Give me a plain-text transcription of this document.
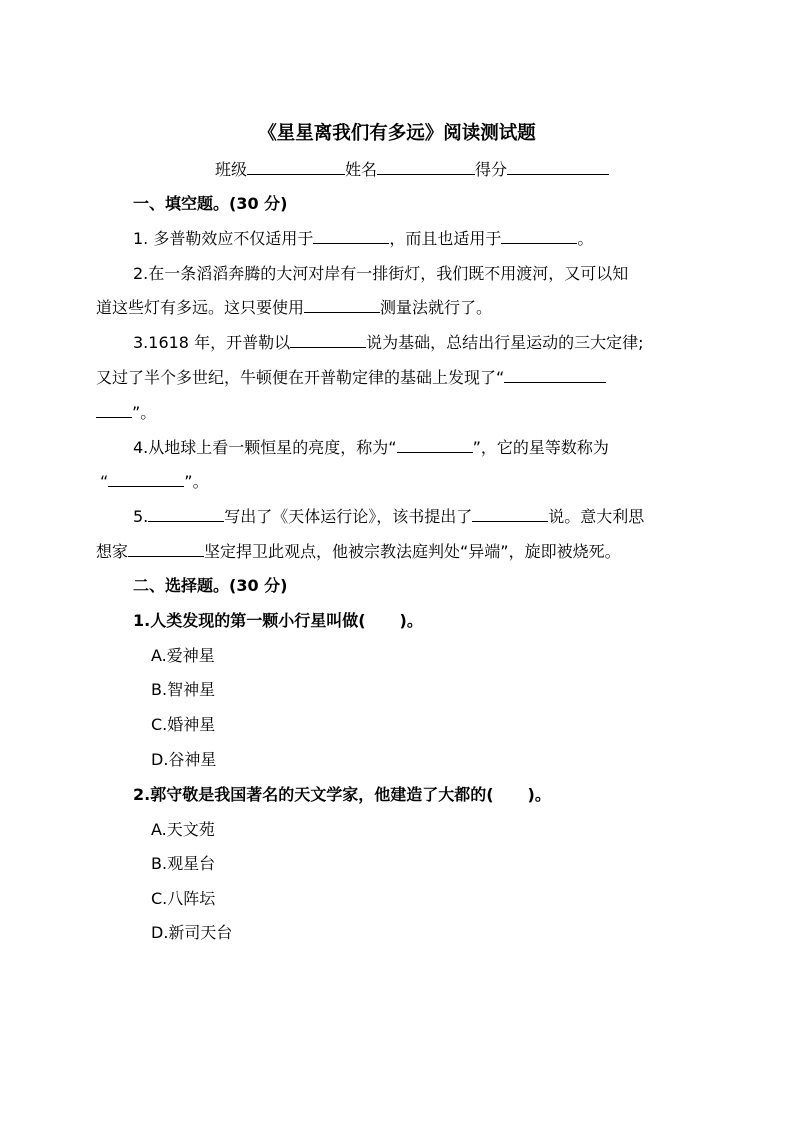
《星星离我们有多远》阅读测试题
班级	姓名	得分
一、填空题。(30 分)
1. 多普勒效应不仅适用于	，而且也适用于	。
2.在一条滔滔奔腾的大河对岸有一排街灯，我们既不用渡河，又可以知
道这些灯有多远。这只要使用	测量法就行了。
3.1618 年，开普勒以	说为基础，总结出行星运动的三大定律;
又过了半个多世纪，牛顿便在开普勒定律的基础上发现了“
”。
4.从地球上看一颗恒星的亮度，称为“	”，它的星等数称为
“	”。
5.	写出了《天体运行论》，该书提出了	说。意大利思
想家	坚定捍卫此观点，他被宗教法庭判处“异端”，旋即被烧死。
二、选择题。(30 分)
1.人类发现的第一颗小行星叫做( )。
A.爱神星
B.智神星
C.婚神星
D.谷神星
2.郭守敬是我国著名的天文学家，他建造了大都的( )。
A.天文苑
B.观星台
C.八阵坛
D.新司天台
